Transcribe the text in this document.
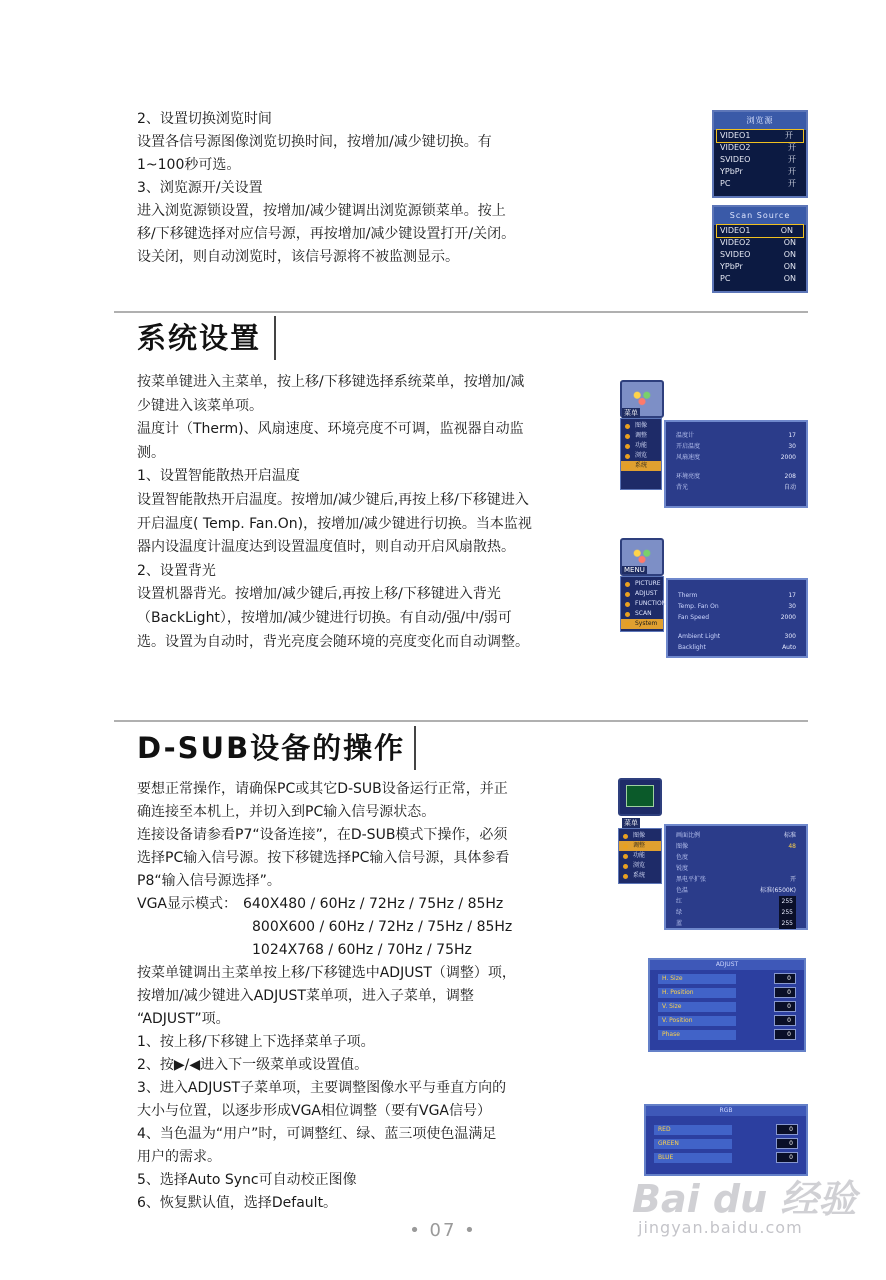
2、设置切换浏览时间
设置各信号源图像浏览切换时间，按增加/减少键切换。有
1~100秒可选。
3、浏览源开/关设置
进入浏览源锁设置，按增加/减少键调出浏览源锁菜单。按上
移/下移键选择对应信号源，再按增加/减少键设置打开/关闭。
设关闭，则自动浏览时，该信号源将不被监测显示。
浏览源
VIDEO1	开
VIDEO2	开
SVIDEO	开
YPbPr	开
PC	开
Scan Source
VIDEO1	ON
VIDEO2	ON
SVIDEO	ON
YPbPr	ON
PC	ON
系统设置
按菜单键进入主菜单，按上移/下移键选择系统菜单，按增加/减
少键进入该菜单项。
温度计（Therm)、风扇速度、环境亮度不可调，监视器自动监
测。
1、设置智能散热开启温度
设置智能散热开启温度。按增加/减少键后,再按上移/下移键进入
开启温度( Temp. Fan.On)，按增加/减少键进行切换。当本监视
器内设温度计温度达到设置温度值时，则自动开启风扇散热。
2、设置背光
设置机器背光。按增加/减少键后,再按上移/下移键进入背光
（BackLight），按增加/减少键进行切换。有自动/强/中/弱可
选。设置为自动时，背光亮度会随环境的亮度变化而自动调整。
菜单
图像
调整
功能
浏览
系统
温度计	17
开启温度	30
风扇速度	2000
环境亮度	208
背光	自动
MENU
PICTURE
ADJUST
FUNCTION
SCAN
System
Therm	17
Temp. Fan On	30
Fan Speed	2000
Ambient Light	300
Backlight	Auto
D-SUB设备的操作
要想正常操作，请确保PC或其它D-SUB设备运行正常，并正
确连接至本机上，并切入到PC输入信号源状态。
连接设备请参看P7“设备连接”，在D-SUB模式下操作，必须
选择PC输入信号源。按下移键选择PC输入信号源，具体参看
P8“输入信号源选择”。
VGA显示模式： 640X480 / 60Hz / 72Hz / 75Hz / 85Hz
800X600 / 60Hz / 72Hz / 75Hz / 85Hz
1024X768 / 60Hz / 70Hz / 75Hz
按菜单键调出主菜单按上移/下移键选中ADJUST（调整）项，
按增加/减少键进入ADJUST菜单项，进入子菜单，调整
“ADJUST”项。
1、按上移/下移键上下选择菜单子项。
2、按▶/◀进入下一级菜单或设置值。
3、进入ADJUST子菜单项，主要调整图像水平与垂直方向的
大小与位置，以逐步形成VGA相位调整（要有VGA信号）
4、当色温为“用户”时，可调整红、绿、蓝三项使色温满足
用户的需求。
5、选择Auto Sync可自动校正图像
6、恢复默认值，选择Default。
菜单
图像
调整
功能
浏览
系统
画面比例	标准
图像	48
色度
锐度
黑电平扩张	开
色温	标准(6500K)
红	255
绿	255
蓝	255
ADJUST
H. Size	0
H. Position	0
V. Size	0
V. Position	0
Phase	0
RGB
RED	0
GREEN	0
BLUE	0
• 07 •
Bai du 经验
jingyan.baidu.com
